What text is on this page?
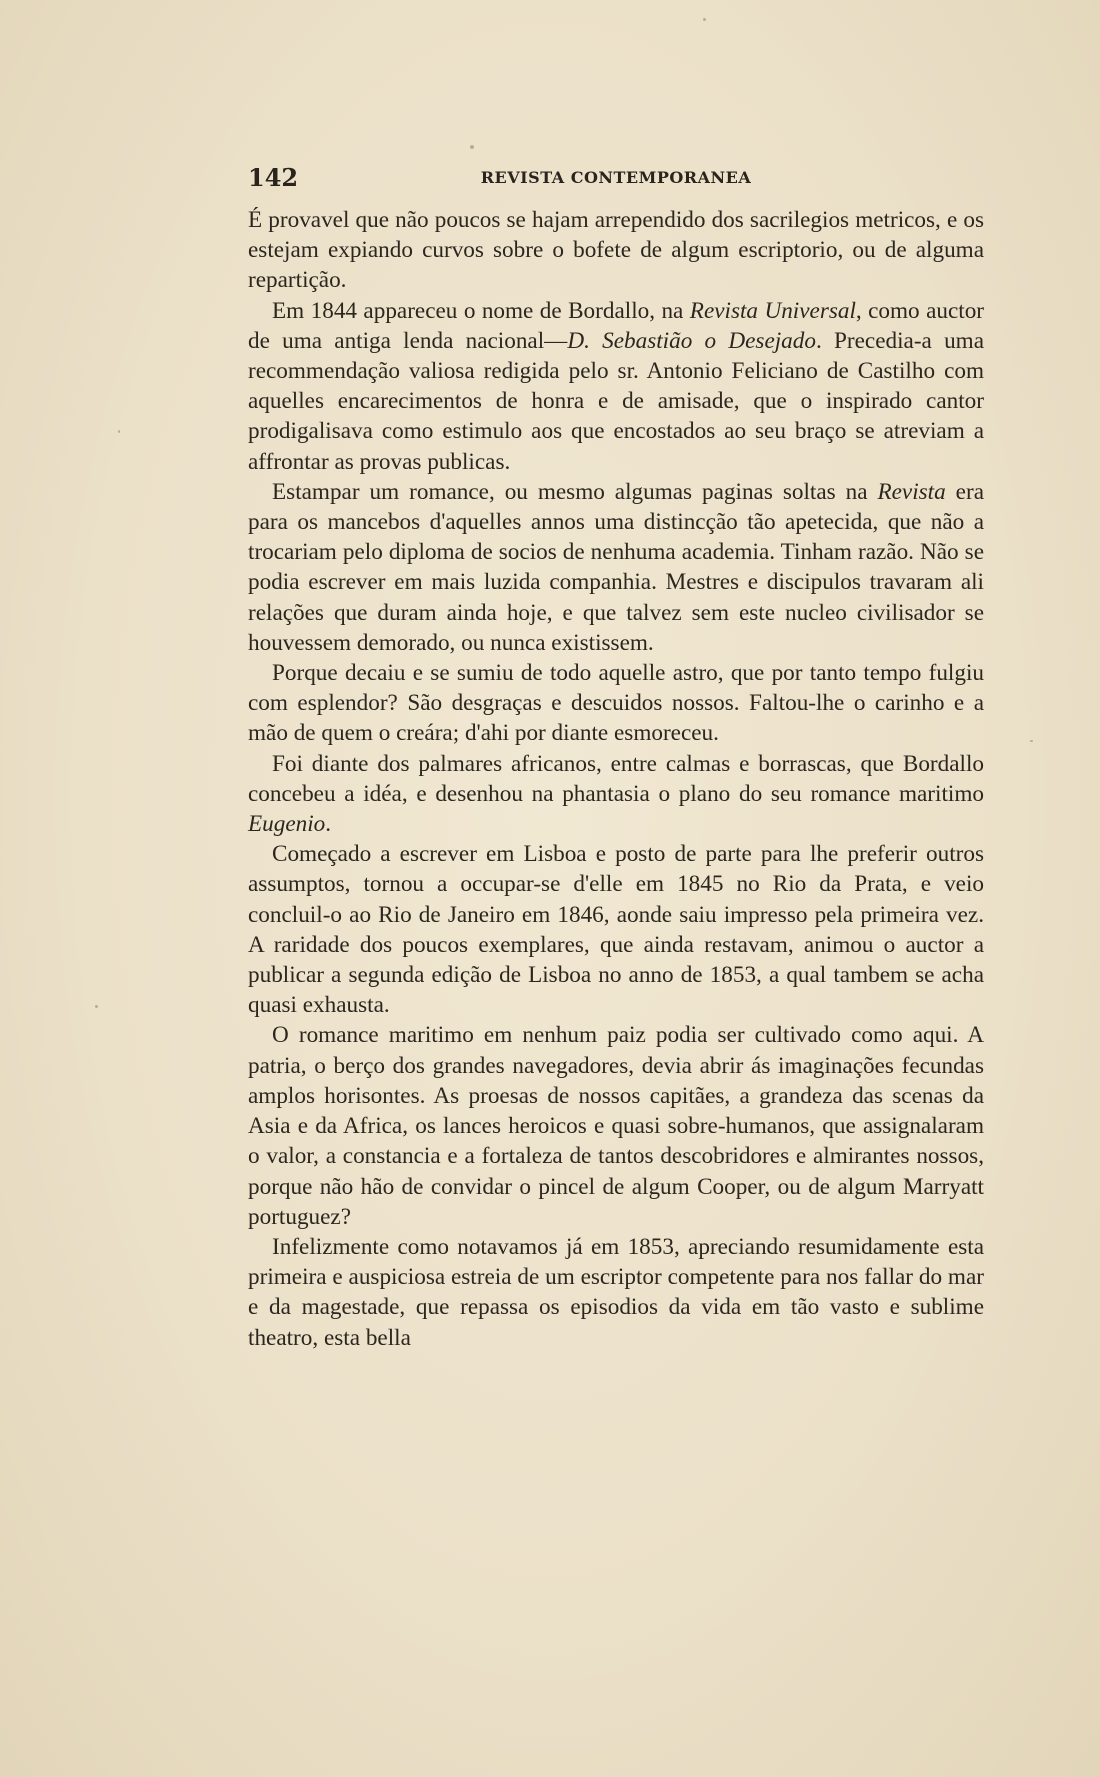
142	REVISTA CONTEMPORANEA

É provavel que não poucos se hajam arrependido dos sacrilegios metricos, e os estejam expiando curvos sobre o bofete de algum escriptorio, ou de alguma repartição.

Em 1844 appareceu o nome de Bordallo, na Revista Universal, como auctor de uma antiga lenda nacional—D. Sebastião o Desejado. Precedia-a uma recommendação valiosa redigida pelo sr. Antonio Feliciano de Castilho com aquelles encarecimentos de honra e de amisade, que o inspirado cantor prodigalisava como estimulo aos que encostados ao seu braço se atreviam a affrontar as provas publicas.

Estampar um romance, ou mesmo algumas paginas soltas na Revista era para os mancebos d'aquelles annos uma distincção tão apetecida, que não a trocariam pelo diploma de socios de nenhuma academia. Tinham razão. Não se podia escrever em mais luzida companhia. Mestres e discipulos travaram ali relações que duram ainda hoje, e que talvez sem este nucleo civilisador se houvessem demorado, ou nunca existissem.

Porque decaiu e se sumiu de todo aquelle astro, que por tanto tempo fulgiu com esplendor? São desgraças e descuidos nossos. Faltou-lhe o carinho e a mão de quem o creára; d'ahi por diante esmoreceu.

Foi diante dos palmares africanos, entre calmas e borrascas, que Bordallo concebeu a idéa, e desenhou na phantasia o plano do seu romance maritimo Eugenio.

Começado a escrever em Lisboa e posto de parte para lhe preferir outros assumptos, tornou a occupar-se d'elle em 1845 no Rio da Prata, e veio concluil-o ao Rio de Janeiro em 1846, aonde saiu impresso pela primeira vez. A raridade dos poucos exemplares, que ainda restavam, animou o auctor a publicar a segunda edição de Lisboa no anno de 1853, a qual tambem se acha quasi exhausta.

O romance maritimo em nenhum paiz podia ser cultivado como aqui. A patria, o berço dos grandes navegadores, devia abrir ás imaginações fecundas amplos horisontes. As proesas de nossos capitães, a grandeza das scenas da Asia e da Africa, os lances heroicos e quasi sobre-humanos, que assignalaram o valor, a constancia e a fortaleza de tantos descobridores e almirantes nossos, porque não hão de convidar o pincel de algum Cooper, ou de algum Marryatt portuguez?

Infelizmente como notavamos já em 1853, apreciando resumidamente esta primeira e auspiciosa estreia de um escriptor competente para nos fallar do mar e da magestade, que repassa os episodios da vida em tão vasto e sublime theatro, esta bella
